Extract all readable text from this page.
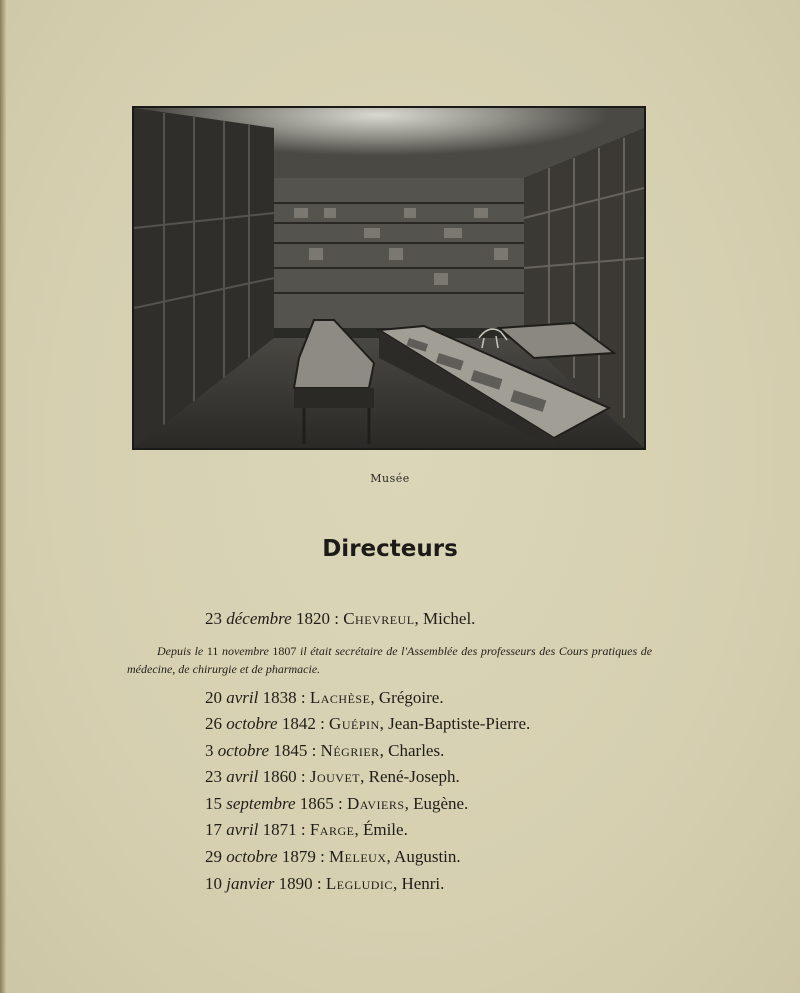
Musée
Directeurs
23 décembre 1820 : Chevreul, Michel.
Depuis le 11 novembre 1807 il était secrétaire de l'Assemblée des professeurs des Cours pratiques de médecine, de chirurgie et de pharmacie.
20 avril 1838 : Lachèse, Grégoire.
26 octobre 1842 : Guépin, Jean-Baptiste-Pierre.
3 octobre 1845 : Négrier, Charles.
23 avril 1860 : Jouvet, René-Joseph.
15 septembre 1865 : Daviers, Eugène.
17 avril 1871 : Farge, Émile.
29 octobre 1879 : Meleux, Augustin.
10 janvier 1890 : Legludic, Henri.
